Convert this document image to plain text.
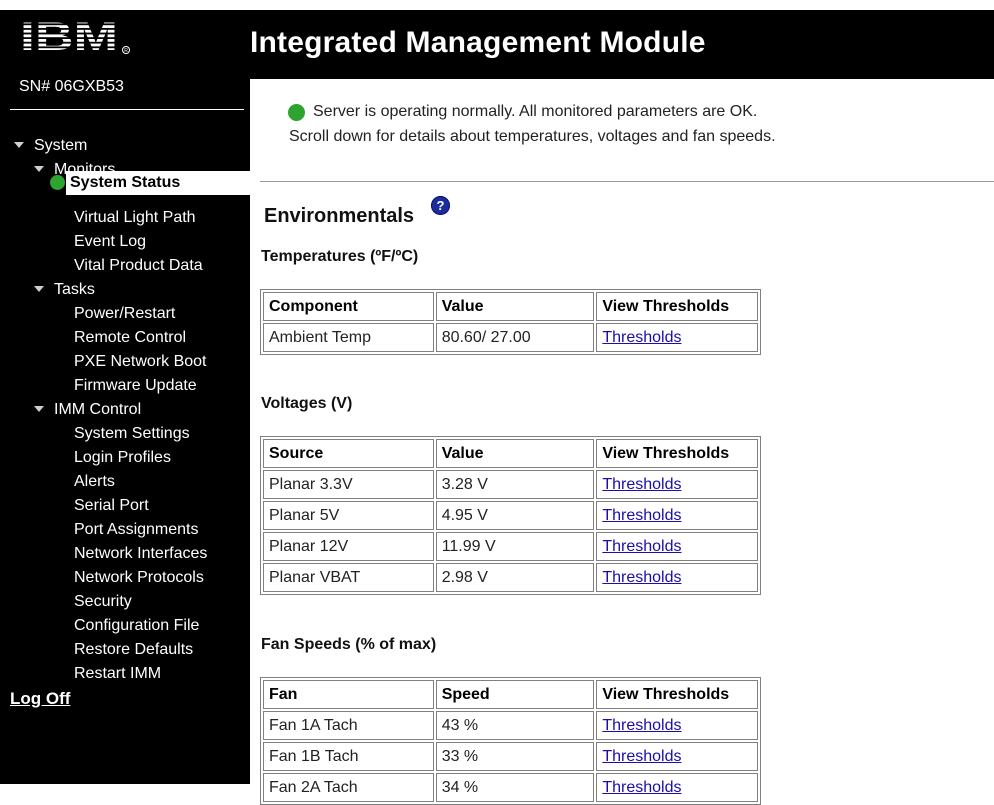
IBM R
SN# 06GXB53
Log Off
Integrated Management Module
Server is operating normally. All monitored parameters are OK.
Scroll down for details about temperatures, voltages and fan speeds.
Environmentals	?
Temperatures (ºF/ºC)
Component	Value	View Thresholds
Ambient Temp	80.60/ 27.00	Thresholds
Voltages (V)
Source	Value	View Thresholds
Planar 3.3V	3.28 V	Thresholds
Planar 5V	4.95 V	Thresholds
Planar 12V	11.99 V	Thresholds
Planar VBAT	2.98 V	Thresholds
Fan Speeds (% of max)
Fan	Speed	View Thresholds
Fan 1A Tach	43 %	Thresholds
Fan 1B Tach	33 %	Thresholds
Fan 2A Tach	34 %	Thresholds
System
Monitors
Virtual Light Path
Event Log
Vital Product Data
Tasks
Power/Restart
Remote Control
PXE Network Boot
Firmware Update
IMM Control
System Settings
Login Profiles
Alerts
Serial Port
Port Assignments
Network Interfaces
Network Protocols
Security
Configuration File
Restore Defaults
Restart IMM
System Status
